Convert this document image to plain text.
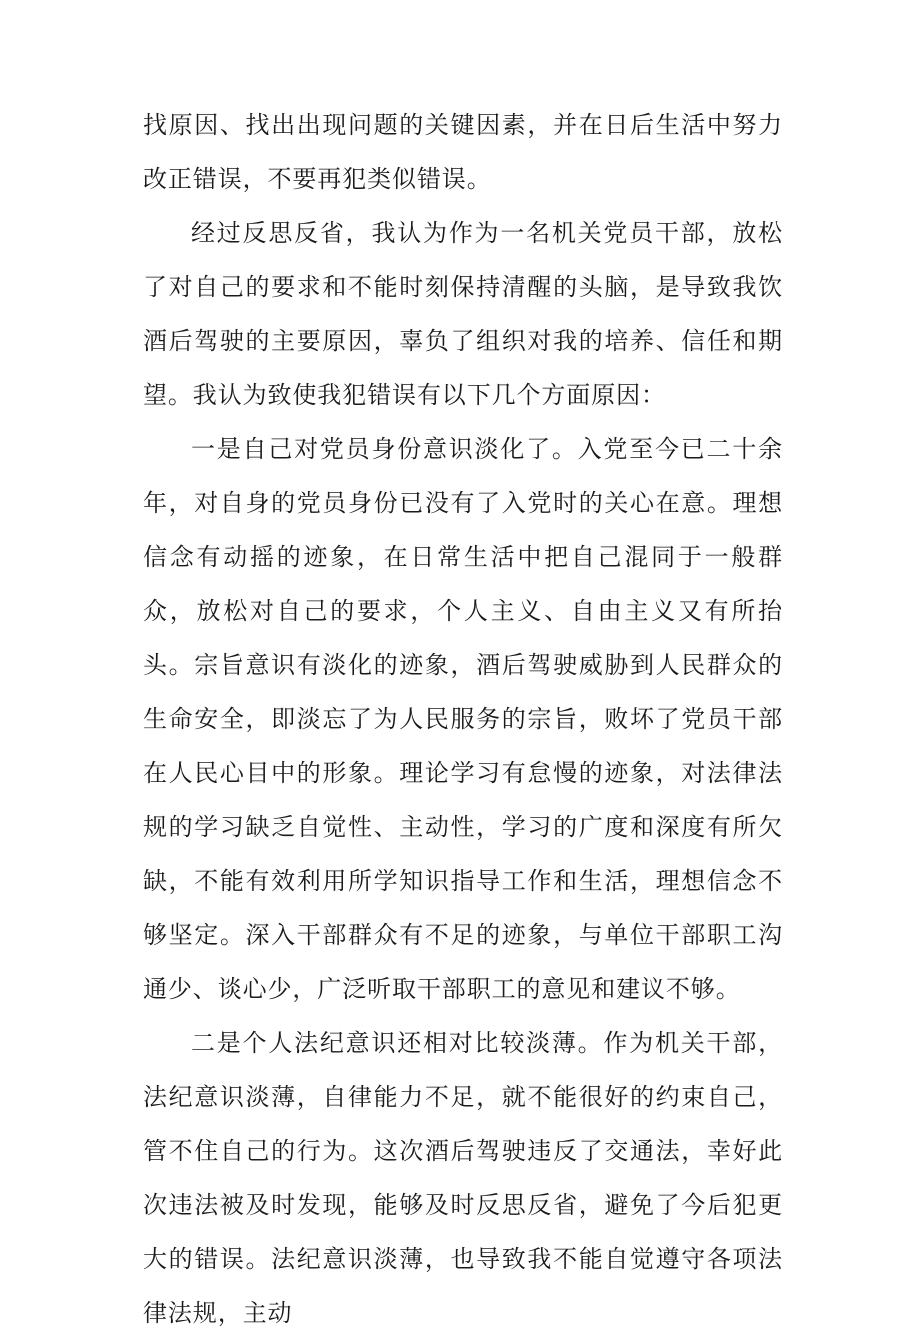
找原因、找出出现问题的关键因素，并在日后生活中努力改正错误，不要再犯类似错误。

经过反思反省，我认为作为一名机关党员干部，放松了对自己的要求和不能时刻保持清醒的头脑，是导致我饮酒后驾驶的主要原因，辜负了组织对我的培养、信任和期望。我认为致使我犯错误有以下几个方面原因：

一是自己对党员身份意识淡化了。入党至今已二十余年，对自身的党员身份已没有了入党时的关心在意。理想信念有动摇的迹象，在日常生活中把自己混同于一般群众，放松对自己的要求，个人主义、自由主义又有所抬头。宗旨意识有淡化的迹象，酒后驾驶威胁到人民群众的生命安全，即淡忘了为人民服务的宗旨，败坏了党员干部在人民心目中的形象。理论学习有怠慢的迹象，对法律法规的学习缺乏自觉性、主动性，学习的广度和深度有所欠缺，不能有效利用所学知识指导工作和生活，理想信念不够坚定。深入干部群众有不足的迹象，与单位干部职工沟通少、谈心少，广泛听取干部职工的意见和建议不够。

二是个人法纪意识还相对比较淡薄。作为机关干部，法纪意识淡薄，自律能力不足，就不能很好的约束自己，管不住自己的行为。这次酒后驾驶违反了交通法，幸好此次违法被及时发现，能够及时反思反省，避免了今后犯更大的错误。法纪意识淡薄，也导致我不能自觉遵守各项法律法规，主动
